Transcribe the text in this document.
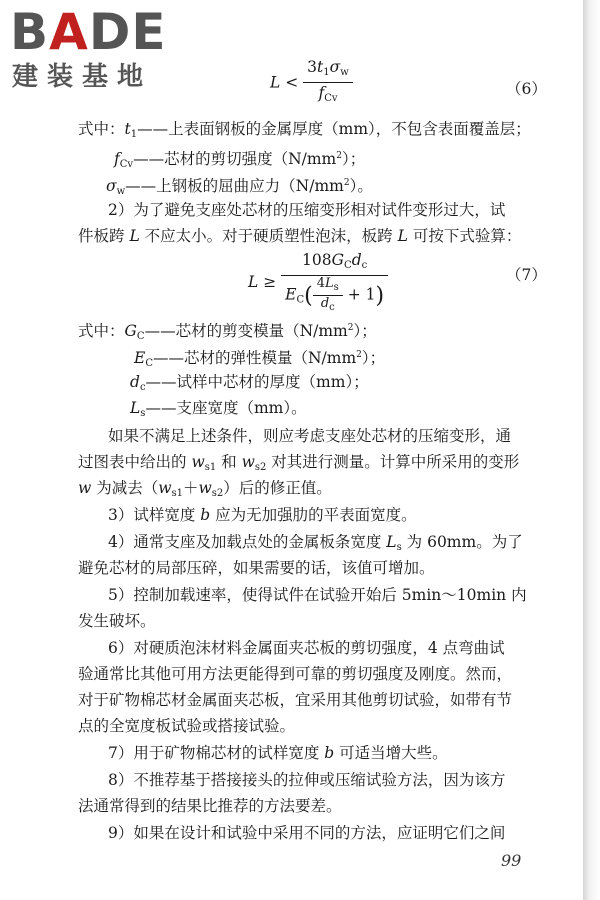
BADE
建装基地	$L < \frac{3t_1\sigma_w}{f_{Cv}}$	（6）
式中：$t_1——$上表面钢板的金属厚度（mm），不包含表面覆盖层；
$f_{Cv}——$芯材的剪切强度$(N/mm^2)$；
$\sigma_w——$上钢板的屈曲应力$(N/mm^2)$。
2）为了避免支座处芯材的压缩变形相对试件变形过大，试
件板跨 L 不应太小。对于硬质塑性泡沫，板跨 L 可按下式验算：
$L \ge \frac{108G_Cd_c}{E_C( \frac{4L_s}{d_c} + 1)}$	（7）
式中：$G_C——$芯材的剪变模量$(N/mm^2)$；
$E_C——$芯材的弹性模量$(N/mm^2)$；
$d_c——$试样中芯材的厚度（mm）；
$L_s——$支座宽度（mm）。
如果不满足上述条件，则应考虑支座处芯材的压缩变形，通
过图表中给出的 $w_{s1}$ 和 $w_{s2}$ 对其进行测量。计算中所采用的变形
w 为减去$(w_{s1}+w_{s2})$后的修正值。
3）试样宽度 b 应为无加强肋的平表面宽度。
4）通常支座及加载点处的金属板条宽度 $L_s$ 为 60mm。为了
避免芯材的局部压碎，如果需要的话，该值可增加。
5）控制加载速率，使得试件在试验开始后 5min～10min 内
发生破坏。
6）对硬质泡沫材料金属面夹芯板的剪切强度，4 点弯曲试
验通常比其他可用方法更能得到可靠的剪切强度及刚度。然而，
对于矿物棉芯材金属面夹芯板，宜采用其他剪切试验，如带有节
点的全宽度板试验或搭接试验。
7）用于矿物棉芯材的试样宽度 b 可适当增大些。
8）不推荐基于搭接接头的拉伸或压缩试验方法，因为该方
法通常得到的结果比推荐的方法要差。
9）如果在设计和试验中采用不同的方法，应证明它们之间
99
